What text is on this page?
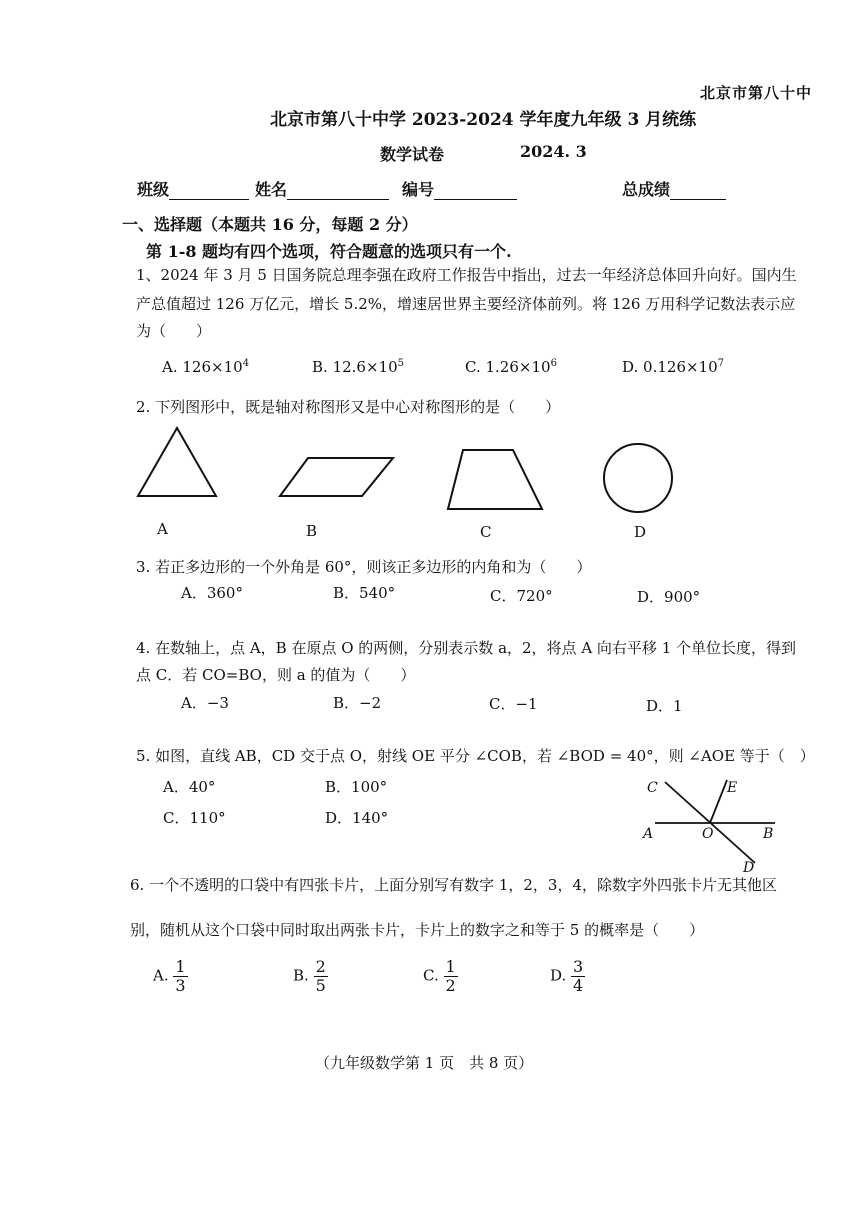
北京市第八十中
北京市第八十中学 2023-2024 学年度九年级 3 月统练
数学试卷	2024. 3
班级	姓名	编号	总成绩
一、选择题（本题共 16 分，每题 2 分）
第 1-8 题均有四个选项，符合题意的选项只有一个.
1、2024 年 3 月 5 日国务院总理李强在政府工作报告中指出，过去一年经济总体回升向好。国内生
产总值超过 126 万亿元，增长 5.2%，增速居世界主要经济体前列。将 126 万用科学记数法表示应
为（　　）
A. $126\times 10^4$	B. $12.6\times 10^5$	C. $1.26\times 10^6$	D. $0.126\times 10^7$
2. 下列图形中，既是轴对称图形又是中心对称图形的是（　　）
A	B	C	D
3. 若正多边形的一个外角是 60°，则该正多边形的内角和为（　　）
A．360°	B．540°	C．720°	D．900°
4. 在数轴上，点 A，B 在原点 O 的两侧，分别表示数 a，2，将点 A 向右平移 1 个单位长度，得到
点 C．若 CO=BO，则 a 的值为（　　）
A．−3	B．−2	C．−1	D．1
5. 如图，直线 AB，CD 交于点 O，射线 OE 平分 ∠COB，若 ∠BOD = 40°，则 ∠AOE 等于（　）
A．40°	B．100°
C．110°	D．140°
C	E
A	O	B
D
6. 一个不透明的口袋中有四张卡片，上面分别写有数字 1，2，3，4，除数字外四张卡片无其他区
别，随机从这个口袋中同时取出两张卡片，卡片上的数字之和等于 5 的概率是（　　）
A. $\frac{1}{3}$	B. $\frac{2}{5}$	C. $\frac{1}{2}$	D. $\frac{3}{4}$
（九年级数学第 1 页　共 8 页）
